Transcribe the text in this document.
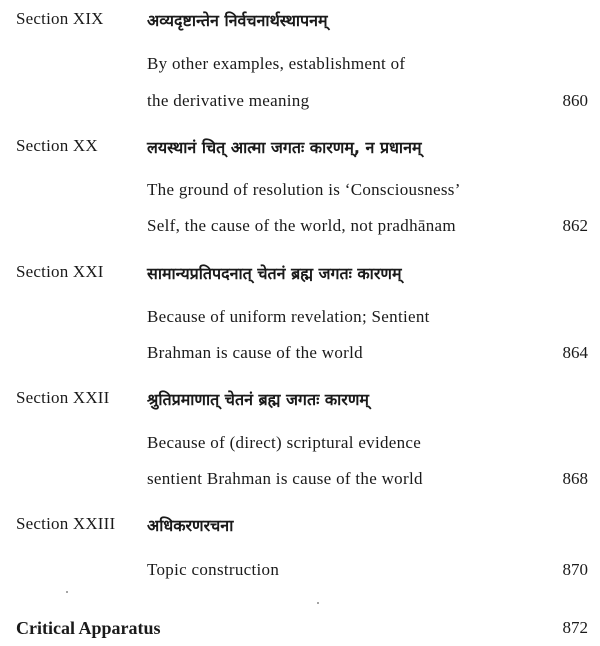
Section XIX	अव्यदृष्टान्तेन निर्वचनार्थस्थापनम्
By other examples, establishment of
the derivative meaning	860
Section XX	लयस्थानं चित् आत्मा जगतः कारणम्, न प्रधानम्
The ground of resolution is ‘Consciousness’
Self, the cause of the world, not pradhānam	862
Section XXI	सामान्यप्रतिपदनात् चेतनं ब्रह्म जगतः कारणम्
Because of uniform revelation; Sentient
Brahman is cause of the world	864
Section XXII श्रुतिप्रमाणात् चेतनं ब्रह्म जगतः कारणम्
Because of (direct) scriptural evidence
sentient Brahman is cause of the world	868
Section XXIII अधिकरणरचना
Topic construction	870
Critical Apparatus	872
